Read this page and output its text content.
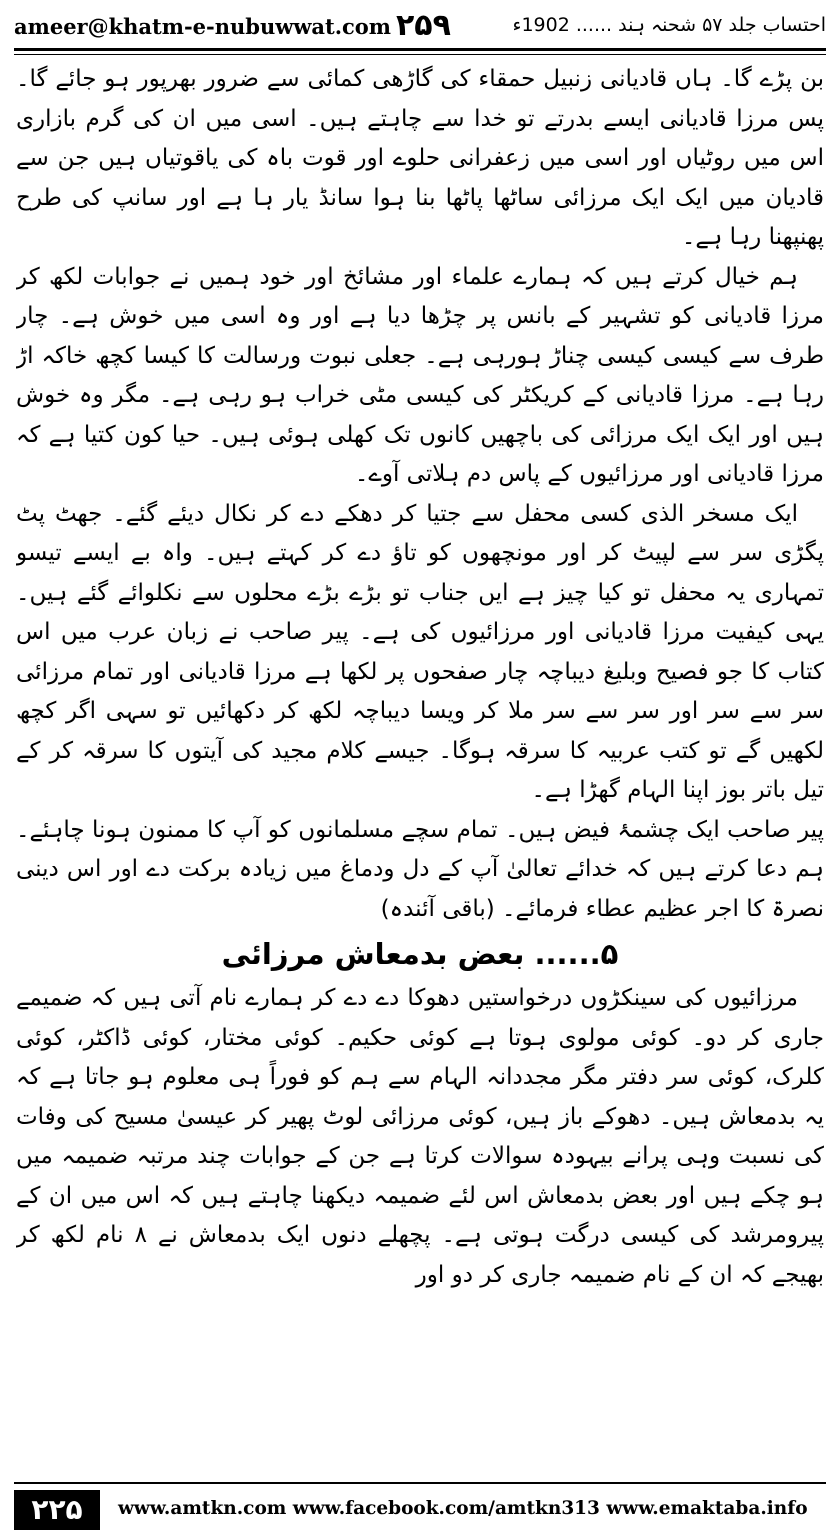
ameer@khatm-e-nubuwwat.com ۲۵۹	احتساب جلد ۵۷ شحنہ ہند ...... 1902ء

بن پڑے گا۔ ہاں قادیانی زنبیل حمقاء کی گاڑھی کمائی سے ضرور بھرپور ہو جائے گا۔ پس مرزا قادیانی ایسے بدرتے تو خدا سے چاہتے ہیں۔ اسی میں ان کی گرم بازاری اس میں روٹیاں اور اسی میں زعفرانی حلوے اور قوت باہ کی یاقوتیاں ہیں جن سے قادیان میں ایک ایک مرزائی ساٹھا پاٹھا بنا ہوا سانڈ یار ہا ہے اور سانپ کی طرح پھنپھنا رہا ہے۔

ہم خیال کرتے ہیں کہ ہمارے علماء اور مشائخ اور خود ہمیں نے جوابات لکھ کر مرزا قادیانی کو تشہیر کے بانس پر چڑھا دیا ہے اور وہ اسی میں خوش ہے۔ چار طرف سے کیسی کیسی چناڑ ہورہی ہے۔ جعلی نبوت ورسالت کا کیسا کچھ خاکہ اڑ رہا ہے۔ مرزا قادیانی کے کریکٹر کی کیسی مٹی خراب ہو رہی ہے۔ مگر وہ خوش ہیں اور ایک ایک مرزائی کی باچھیں کانوں تک کھلی ہوئی ہیں۔ حیا کون کتیا ہے کہ مرزا قادیانی اور مرزائیوں کے پاس دم ہلاتی آوے۔

ایک مسخر الذی کسی محفل سے جتیا کر دھکے دے کر نکال دیئے گئے۔ جھٹ پٹ پگڑی سر سے لپیٹ کر اور مونچھوں کو تاؤ دے کر کہتے ہیں۔ واہ بے ایسے تیسو تمہاری یہ محفل تو کیا چیز ہے ایں جناب تو بڑے بڑے محلوں سے نکلوائے گئے ہیں۔ یہی کیفیت مرزا قادیانی اور مرزائیوں کی ہے۔ پیر صاحب نے زبان عرب میں اس کتاب کا جو فصیح وبلیغ دیباچہ چار صفحوں پر لکھا ہے مرزا قادیانی اور تمام مرزائی سر سے سر اور سر سے سر ملا کر ویسا دیباچہ لکھ کر دکھائیں تو سہی اگر کچھ لکھیں گے تو کتب عربیہ کا سرقہ ہوگا۔ جیسے کلام مجید کی آیتوں کا سرقہ کر کے تیل باتر بوز اپنا الہام گھڑا ہے۔

پیر صاحب ایک چشمۂ فیض ہیں۔ تمام سچے مسلمانوں کو آپ کا ممنون ہونا چاہئے۔ ہم دعا کرتے ہیں کہ خدائے تعالیٰ آپ کے دل ودماغ میں زیادہ برکت دے اور اس دینی نصرۃ کا اجر عظیم عطاء فرمائے۔ (باقی آئندہ)

۵...... بعض بدمعاش مرزائی

مرزائیوں کی سینکڑوں درخواستیں دھوکا دے دے کر ہمارے نام آتی ہیں کہ ضمیمے جاری کر دو۔ کوئی مولوی ہوتا ہے کوئی حکیم۔ کوئی مختار، کوئی ڈاکٹر، کوئی کلرک، کوئی سر دفتر مگر مجددانہ الہام سے ہم کو فوراً ہی معلوم ہو جاتا ہے کہ یہ بدمعاش ہیں۔ دھوکے باز ہیں، کوئی مرزائی لوٹ پھیر کر عیسیٰ مسیح کی وفات کی نسبت وہی پرانے بیہودہ سوالات کرتا ہے جن کے جوابات چند مرتبہ ضمیمہ میں ہو چکے ہیں اور بعض بدمعاش اس لئے ضمیمہ دیکھنا چاہتے ہیں کہ اس میں ان کے پیرومرشد کی کیسی درگت ہوتی ہے۔ پچھلے دنوں ایک بدمعاش نے ۸ نام لکھ کر بھیجے کہ ان کے نام ضمیمہ جاری کر دو اور

۲۲۵	www.amtkn.com www.facebook.com/amtkn313 www.emaktaba.info
